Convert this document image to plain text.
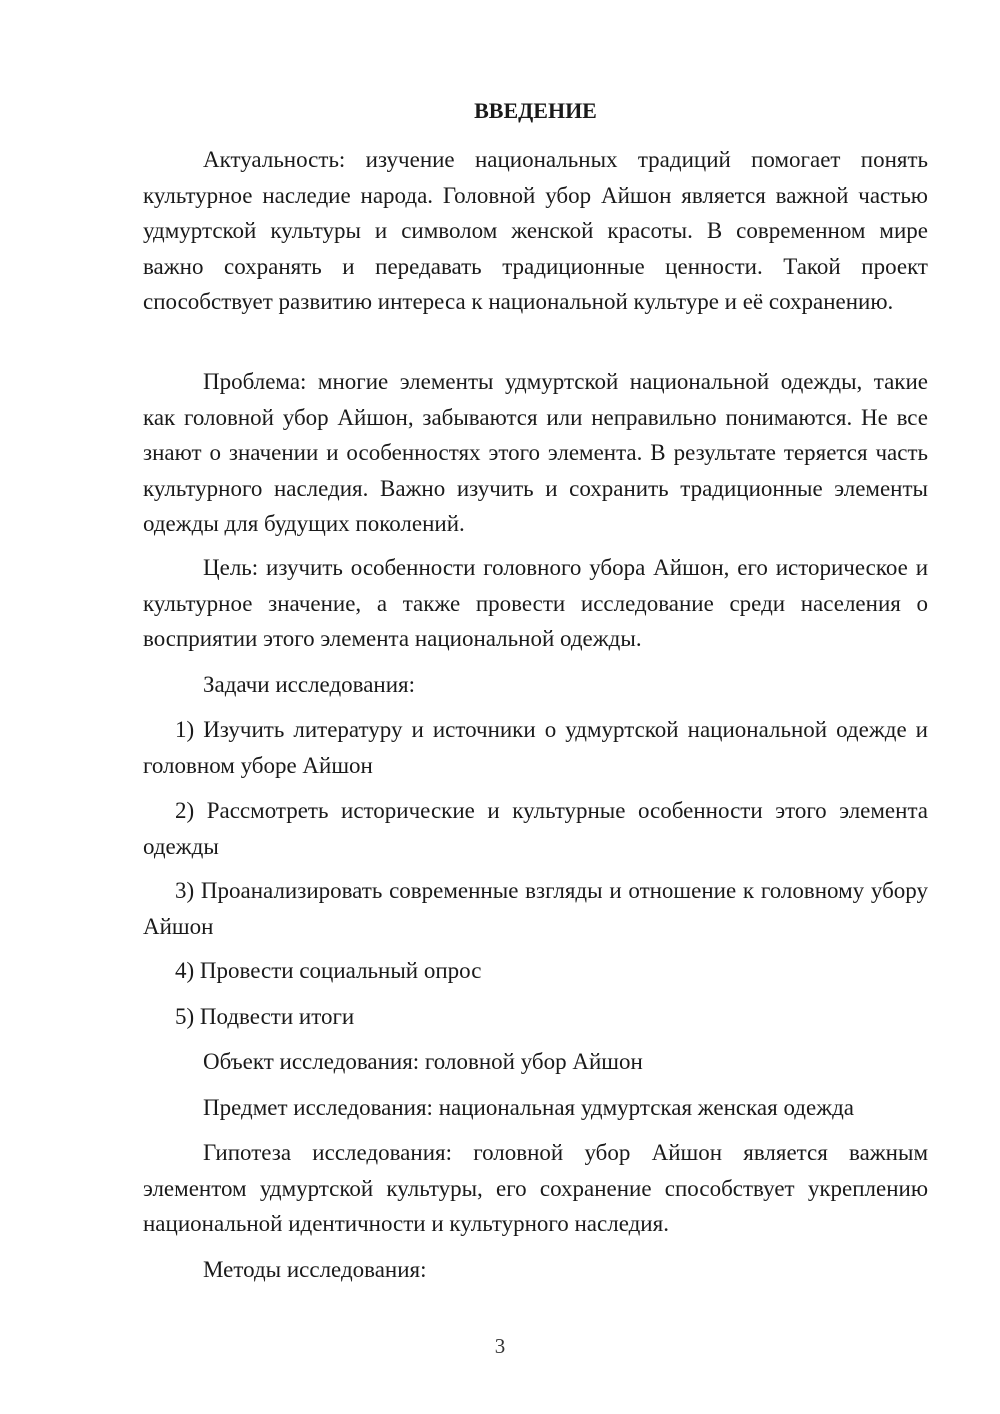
ВВЕДЕНИЕ

Актуальность: изучение национальных традиций помогает понять культурное наследие народа. Головной убор Айшон является важной частью удмуртской культуры и символом женской красоты. В современном мире важно сохранять и передавать традиционные ценности. Такой проект способствует развитию интереса к национальной культуре и её сохранению.

Проблема: многие элементы удмуртской национальной одежды, такие как головной убор Айшон, забываются или неправильно понимаются. Не все знают о значении и особенностях этого элемента. В результате теряется часть культурного наследия. Важно изучить и сохранить традиционные элементы одежды для будущих поколений.

Цель: изучить особенности головного убора Айшон, его историческое и культурное значение, а также провести исследование среди населения о восприятии этого элемента национальной одежды.

Задачи исследования:

1) Изучить литературу и источники о удмуртской национальной одежде и головном уборе Айшон

2) Рассмотреть исторические и культурные особенности этого элемента одежды

3) Проанализировать современные взгляды и отношение к головному убору Айшон

4) Провести социальный опрос

5) Подвести итоги

Объект исследования: головной убор Айшон

Предмет исследования: национальная удмуртская женская одежда

Гипотеза исследования: головной убор Айшон является важным элементом удмуртской культуры, его сохранение способствует укреплению национальной идентичности и культурного наследия.

Методы исследования:

3
